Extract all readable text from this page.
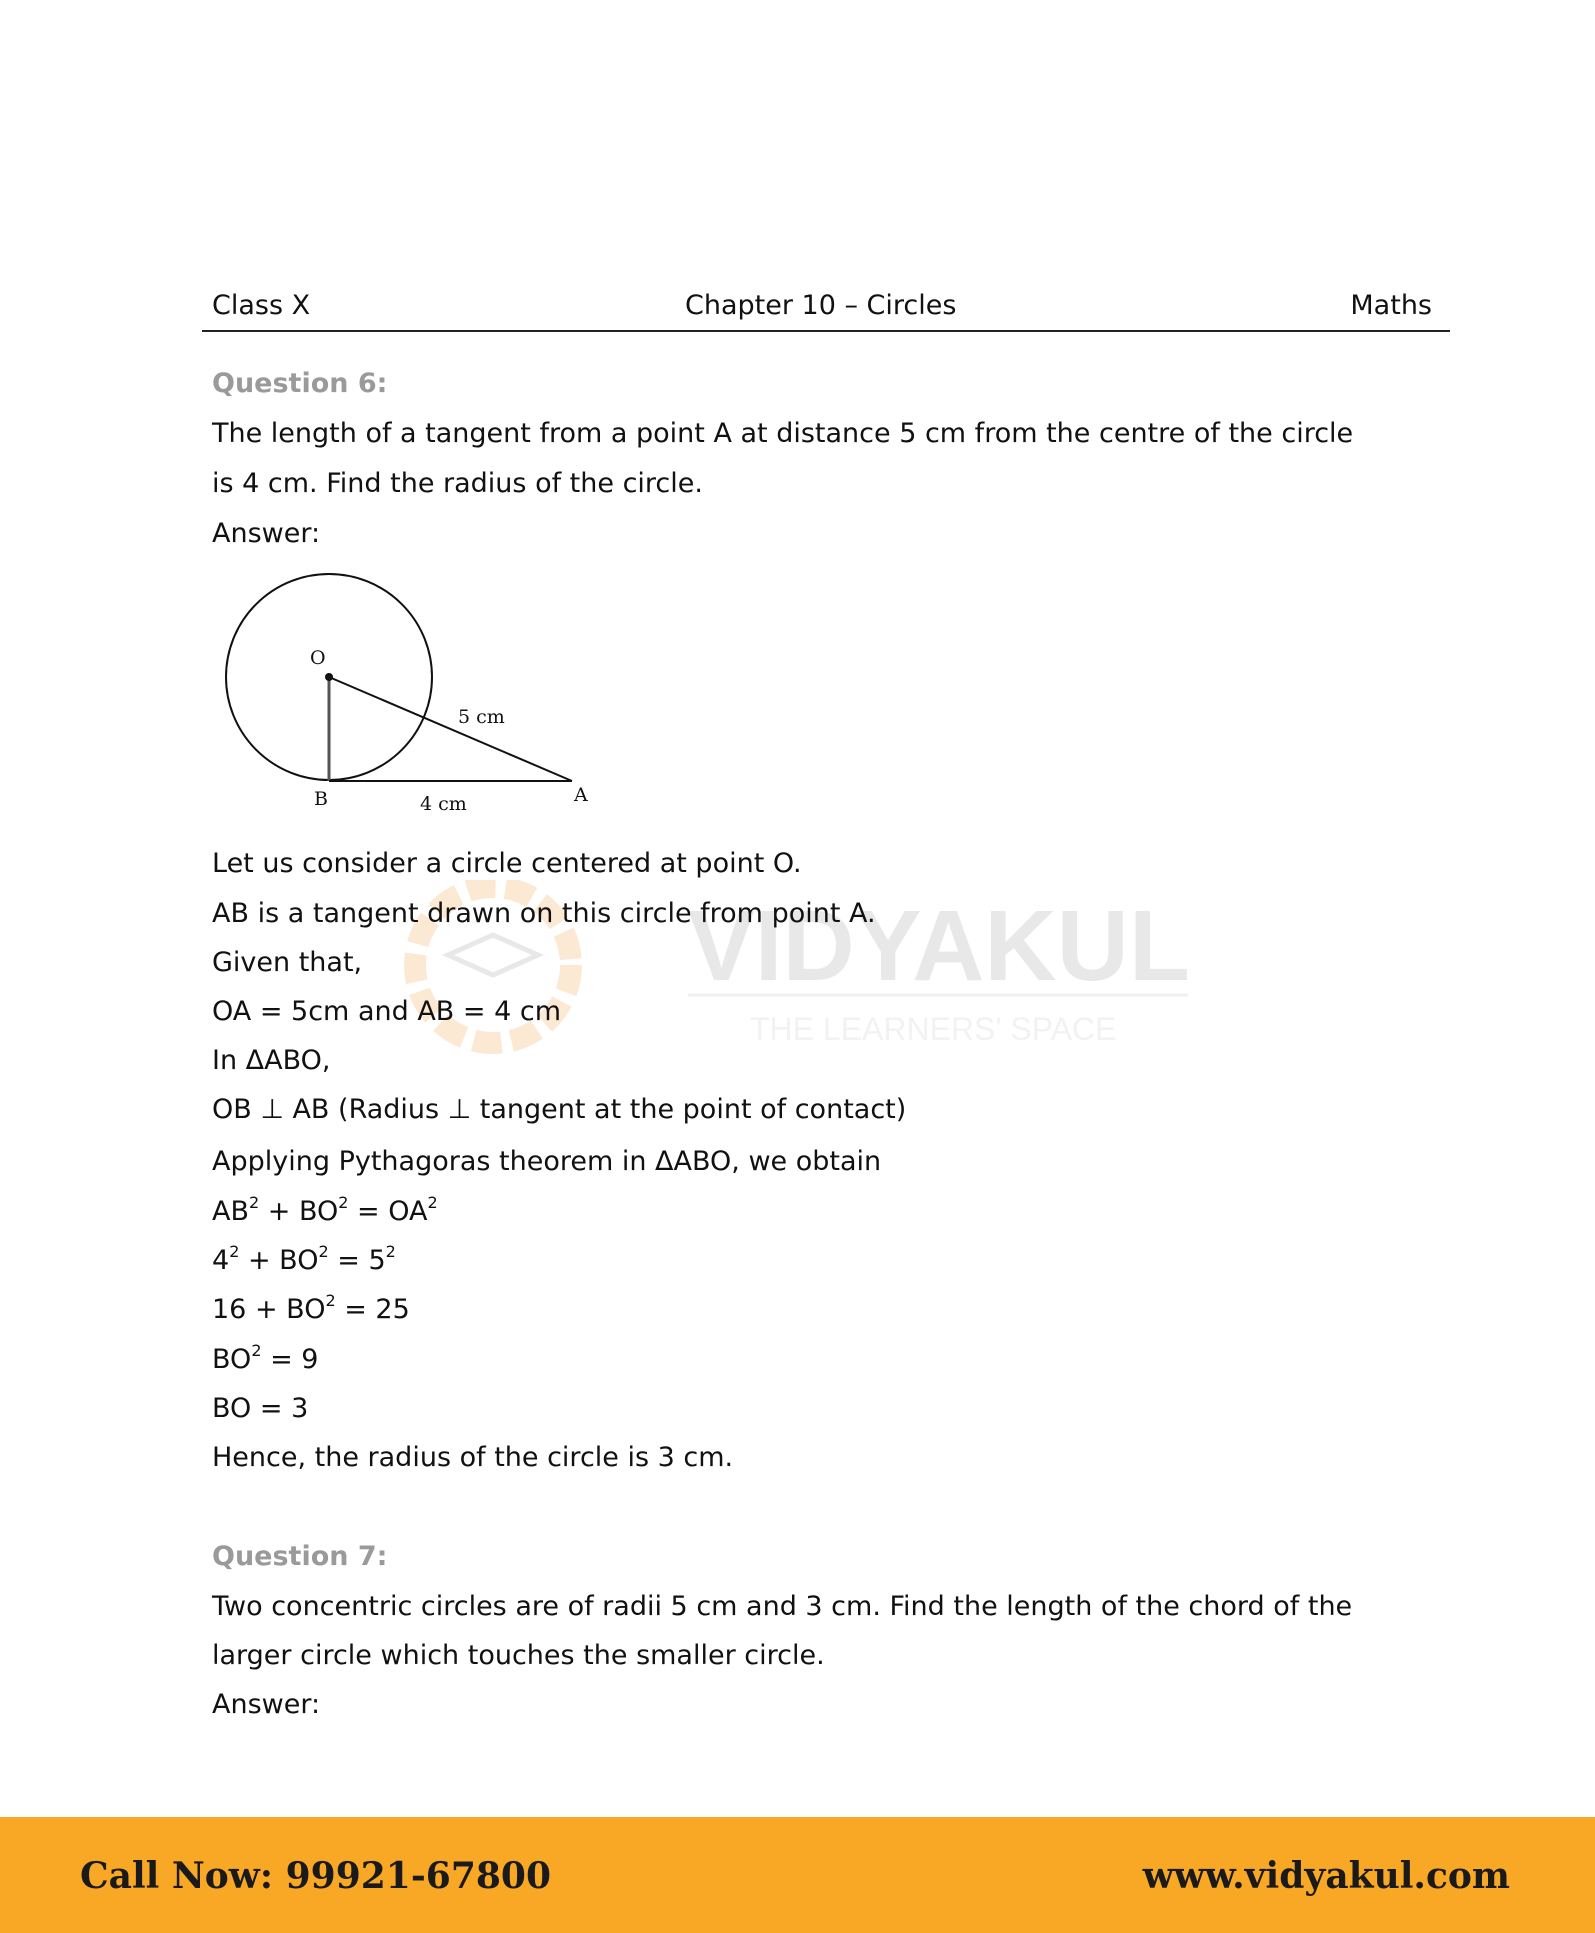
Class X	Chapter 10 – Circles	Maths
Question 6:
The length of a tangent from a point A at distance 5 cm from the centre of the circle
is 4 cm. Find the radius of the circle.
Answer:
O
B	A
5 cm
4 cm
VIDYAKUL
THE LEARNERS' SPACE
Let us consider a circle centered at point O.
AB is a tangent drawn on this circle from point A.
Given that,
OA = 5cm and AB = 4 cm
In ΔABO,
OB ⊥ AB (Radius ⊥ tangent at the point of contact)
Applying Pythagoras theorem in ΔABO, we obtain
$AB^2 + BO^2 = OA^2$
$4^2 + BO^2 = 5^2$
$16 + BO^2 = 25$
$BO^2 = 9$
BO = 3
Hence, the radius of the circle is 3 cm.
Question 7:
Two concentric circles are of radii 5 cm and 3 cm. Find the length of the chord of the
larger circle which touches the smaller circle.
Answer:
Call Now: 99921-67800	www.vidyakul.com
